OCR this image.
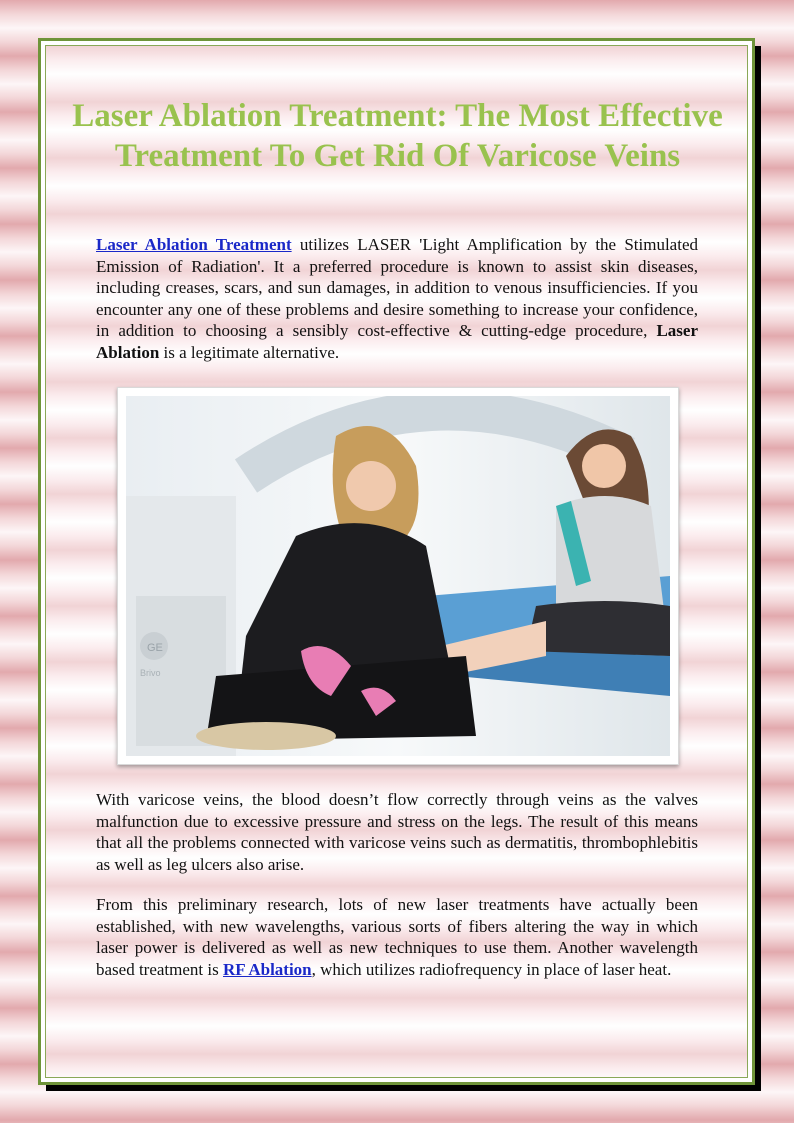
Laser Ablation Treatment: The Most Effective Treatment To Get Rid Of Varicose Veins

Laser Ablation Treatment utilizes LASER 'Light Amplification by the Stimulated Emission of Radiation'. It a preferred procedure is known to assist skin diseases, including creases, scars, and sun damages, in addition to venous insufficiencies. If you encounter any one of these problems and desire something to increase your confidence, in addition to choosing a sensibly cost-effective & cutting-edge procedure, Laser Ablation is a legitimate alternative.

GE
Brivo

With varicose veins, the blood doesn’t flow correctly through veins as the valves malfunction due to excessive pressure and stress on the legs. The result of this means that all the problems connected with varicose veins such as dermatitis, thrombophlebitis as well as leg ulcers also arise.

From this preliminary research, lots of new laser treatments have actually been established, with new wavelengths, various sorts of fibers altering the way in which laser power is delivered as well as new techniques to use them. Another wavelength based treatment is RF Ablation, which utilizes radiofrequency in place of laser heat.
